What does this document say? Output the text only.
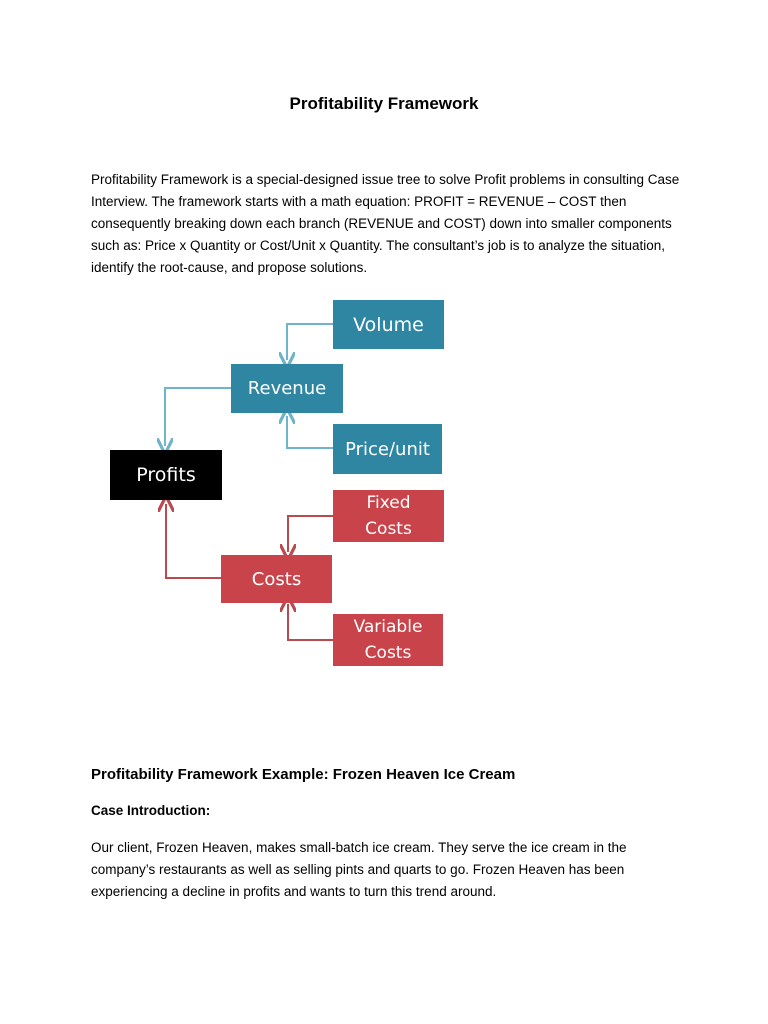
Profitability Framework

Profitability Framework is a special-designed issue tree to solve Profit problems in consulting Case Interview. The framework starts with a math equation: PROFIT = REVENUE – COST then consequently breaking down each branch (REVENUE and COST) down into smaller components such as: Price x Quantity or Cost/Unit x Quantity. The consultant’s job is to analyze the situation, identify the root-cause, and propose solutions.

Volume
Revenue
Price/unit
Profits
Fixed
Costs
Costs
Variable
Costs
Profitability Framework Example: Frozen Heaven Ice Cream

Case Introduction:

Our client, Frozen Heaven, makes small-batch ice cream. They serve the ice cream in the company’s restaurants as well as selling pints and quarts to go. Frozen Heaven has been experiencing a decline in profits and wants to turn this trend around.
